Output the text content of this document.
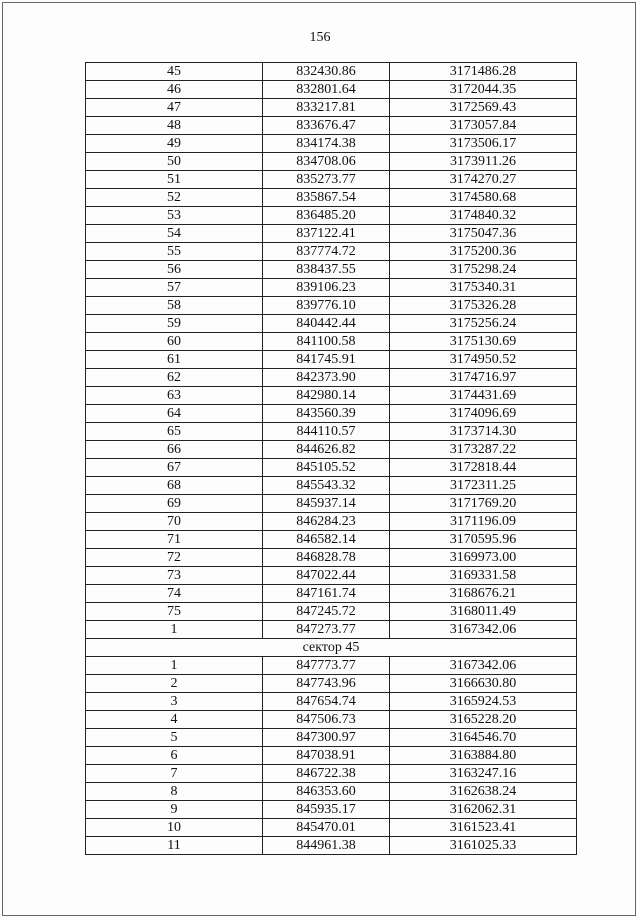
156
45	832430.86	3171486.28
46	832801.64	3172044.35
47	833217.81	3172569.43
48	833676.47	3173057.84
49	834174.38	3173506.17
50	834708.06	3173911.26
51	835273.77	3174270.27
52	835867.54	3174580.68
53	836485.20	3174840.32
54	837122.41	3175047.36
55	837774.72	3175200.36
56	838437.55	3175298.24
57	839106.23	3175340.31
58	839776.10	3175326.28
59	840442.44	3175256.24
60	841100.58	3175130.69
61	841745.91	3174950.52
62	842373.90	3174716.97
63	842980.14	3174431.69
64	843560.39	3174096.69
65	844110.57	3173714.30
66	844626.82	3173287.22
67	845105.52	3172818.44
68	845543.32	3172311.25
69	845937.14	3171769.20
70	846284.23	3171196.09
71	846582.14	3170595.96
72	846828.78	3169973.00
73	847022.44	3169331.58
74	847161.74	3168676.21
75	847245.72	3168011.49
1	847273.77	3167342.06
сектор 45		
1	847773.77	3167342.06
2	847743.96	3166630.80
3	847654.74	3165924.53
4	847506.73	3165228.20
5	847300.97	3164546.70
6	847038.91	3163884.80
7	846722.38	3163247.16
8	846353.60	3162638.24
9	845935.17	3162062.31
10	845470.01	3161523.41
11	844961.38	3161025.33
